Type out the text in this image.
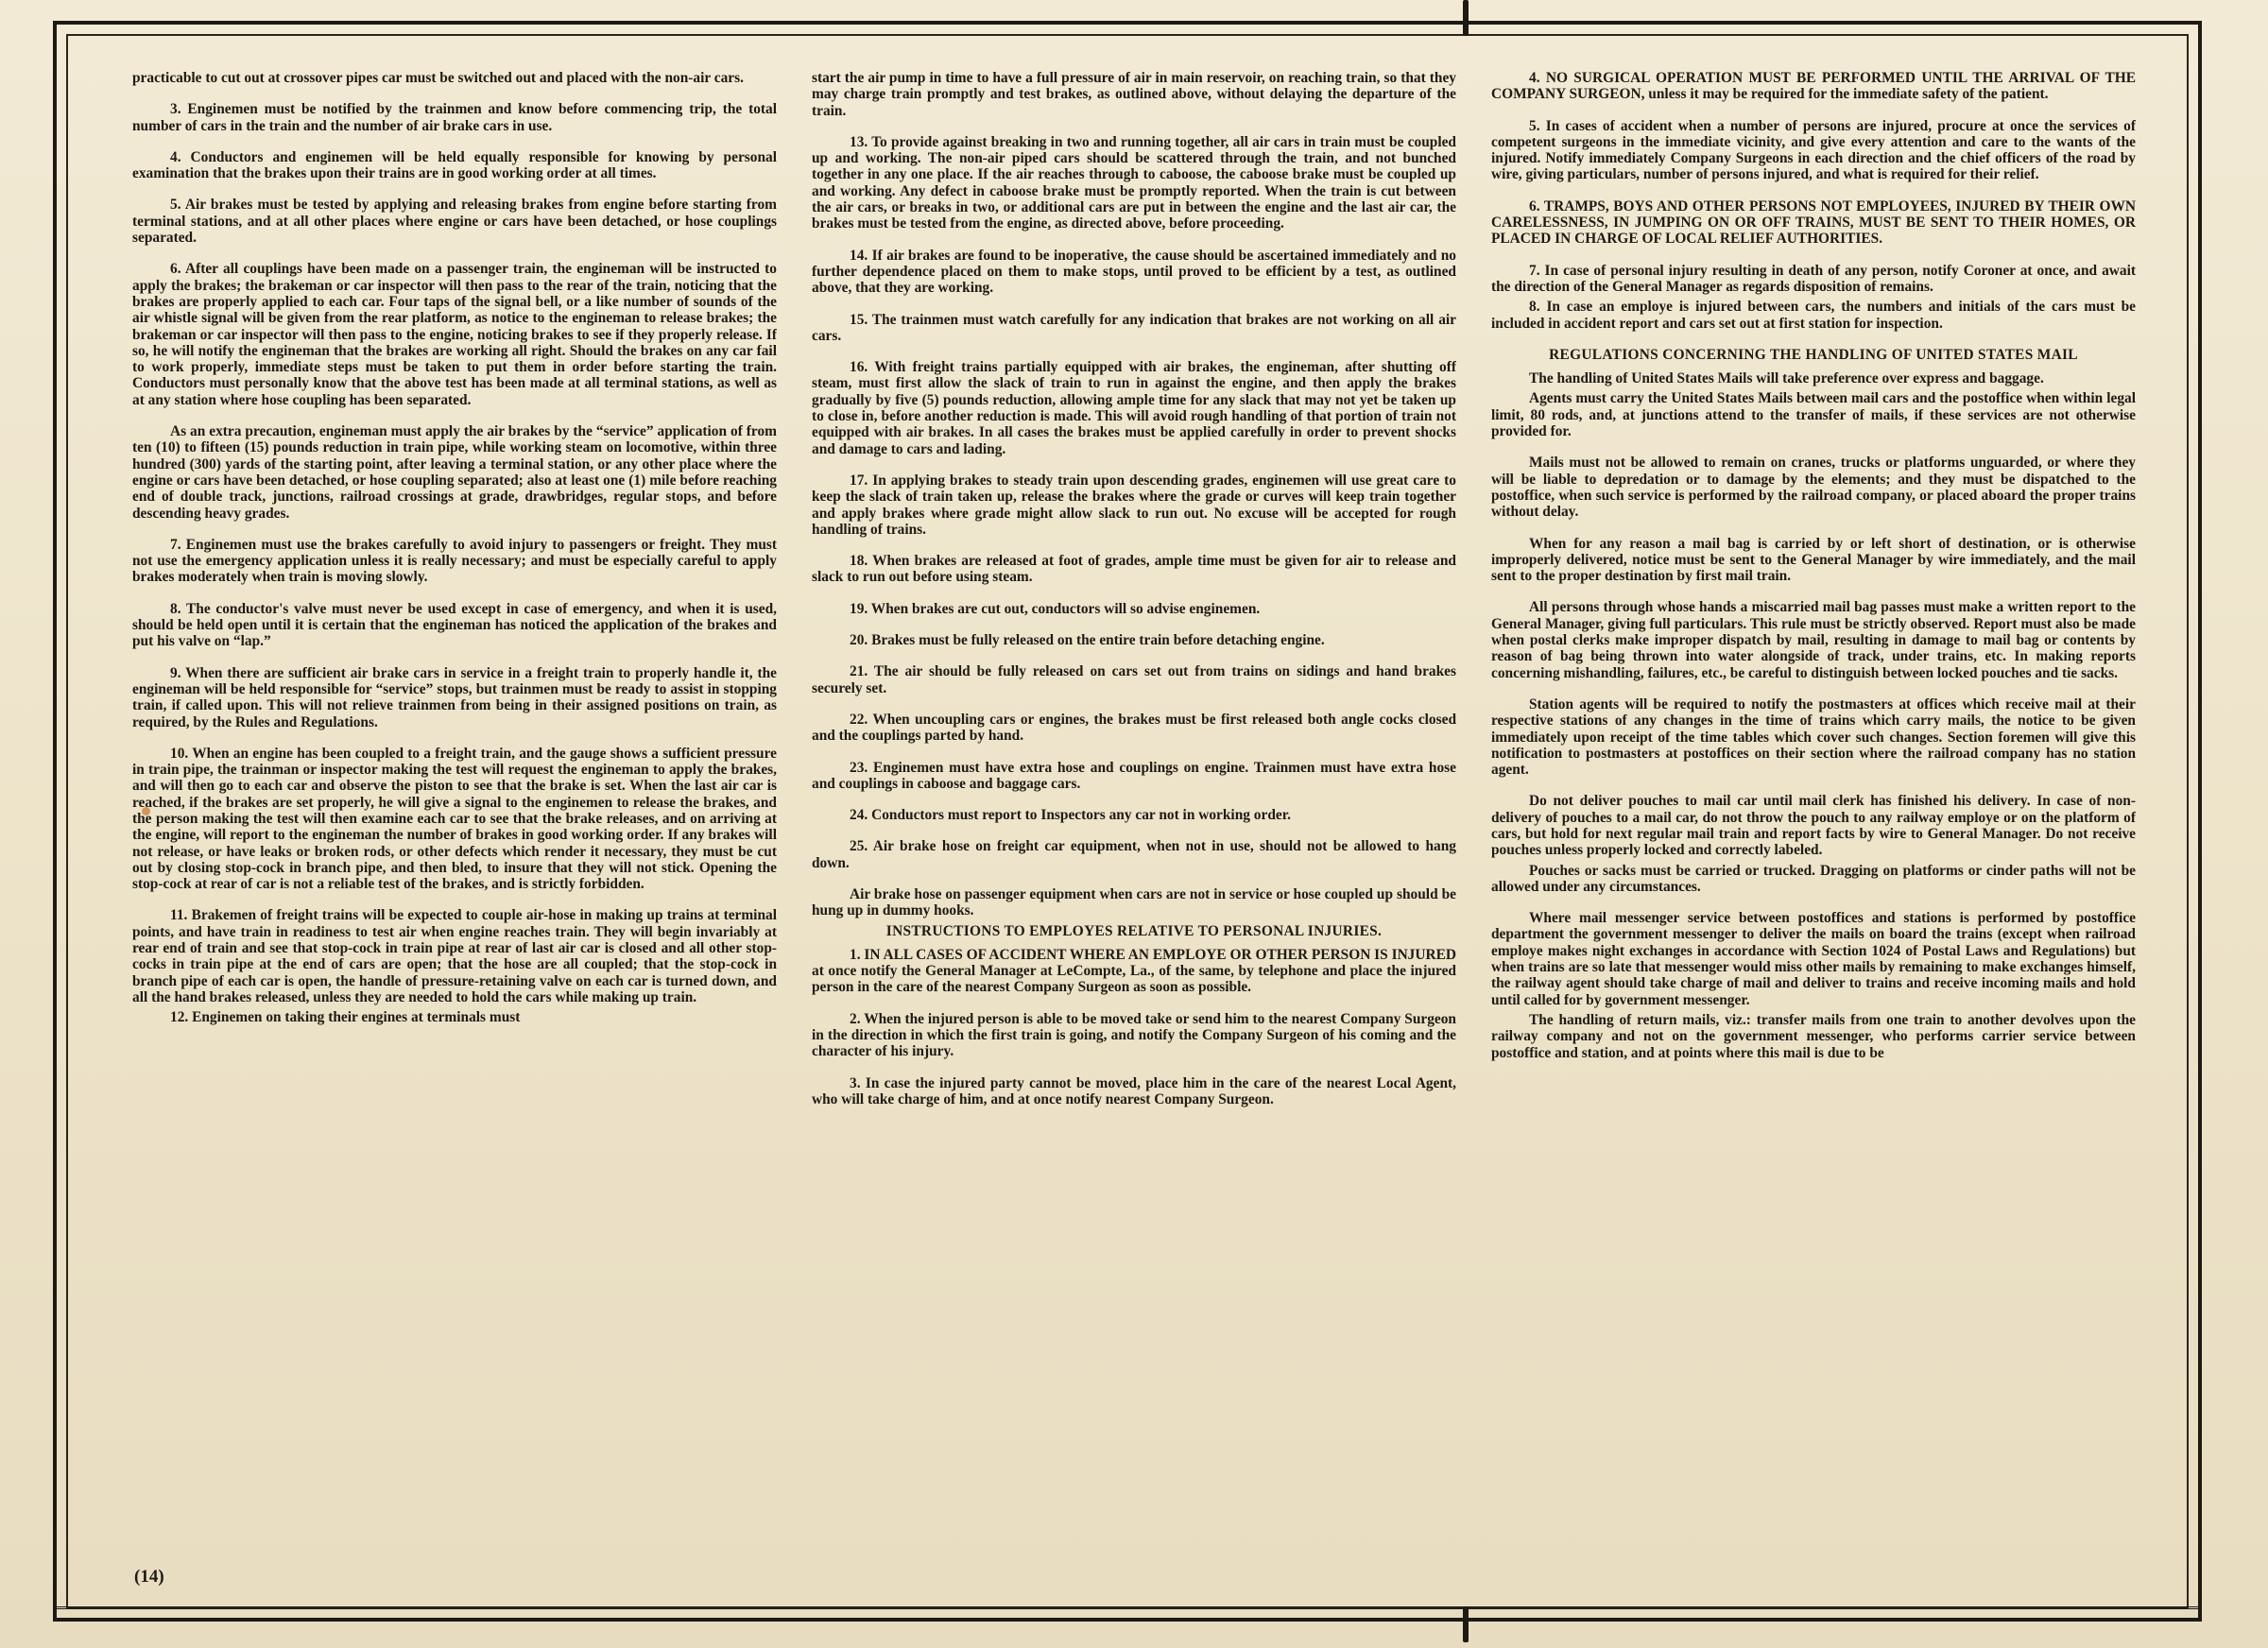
practicable to cut out at crossover pipes car must be switched out and placed with the non-air cars.

3. Enginemen must be notified by the trainmen and know before commencing trip, the total number of cars in the train and the number of air brake cars in use.

4. Conductors and enginemen will be held equally responsible for knowing by personal examination that the brakes upon their trains are in good working order at all times.

5. Air brakes must be tested by applying and releasing brakes from engine before starting from terminal stations, and at all other places where engine or cars have been detached, or hose couplings separated.

6. After all couplings have been made on a passenger train, the engineman will be instructed to apply the brakes; the brakeman or car inspector will then pass to the rear of the train, noticing that the brakes are properly applied to each car. Four taps of the signal bell, or a like number of sounds of the air whistle signal will be given from the rear platform, as notice to the engineman to release brakes; the brakeman or car inspector will then pass to the engine, noticing brakes to see if they properly release. If so, he will notify the engineman that the brakes are working all right. Should the brakes on any car fail to work properly, immediate steps must be taken to put them in order before starting the train. Conductors must personally know that the above test has been made at all terminal stations, as well as at any station where hose coupling has been separated.

As an extra precaution, engineman must apply the air brakes by the “service” application of from ten (10) to fifteen (15) pounds reduction in train pipe, while working steam on locomotive, within three hundred (300) yards of the starting point, after leaving a terminal station, or any other place where the engine or cars have been detached, or hose coupling separated; also at least one (1) mile before reaching end of double track, junctions, railroad crossings at grade, drawbridges, regular stops, and before descending heavy grades.

7. Enginemen must use the brakes carefully to avoid injury to passengers or freight. They must not use the emergency application unless it is really necessary; and must be especially careful to apply brakes moderately when train is moving slowly.

8. The conductor's valve must never be used except in case of emergency, and when it is used, should be held open until it is certain that the engineman has noticed the application of the brakes and put his valve on “lap.”

9. When there are sufficient air brake cars in service in a freight train to properly handle it, the engineman will be held responsible for “service” stops, but trainmen must be ready to assist in stopping train, if called upon. This will not relieve trainmen from being in their assigned positions on train, as required, by the Rules and Regulations.

10. When an engine has been coupled to a freight train, and the gauge shows a sufficient pressure in train pipe, the trainman or inspector making the test will request the engineman to apply the brakes, and will then go to each car and observe the piston to see that the brake is set. When the last air car is reached, if the brakes are set properly, he will give a signal to the enginemen to release the brakes, and the person making the test will then examine each car to see that the brake releases, and on arriving at the engine, will report to the engineman the number of brakes in good working order. If any brakes will not release, or have leaks or broken rods, or other defects which render it necessary, they must be cut out by closing stop-cock in branch pipe, and then bled, to insure that they will not stick. Opening the stop-cock at rear of car is not a reliable test of the brakes, and is strictly forbidden.

11. Brakemen of freight trains will be expected to couple air-hose in making up trains at terminal points, and have train in readiness to test air when engine reaches train. They will begin invariably at rear end of train and see that stop-cock in train pipe at rear of last air car is closed and all other stop-cocks in train pipe at the end of cars are open; that the hose are all coupled; that the stop-cock in branch pipe of each car is open, the handle of pressure-retaining valve on each car is turned down, and all the hand brakes released, unless they are needed to hold the cars while making up train.

12. Enginemen on taking their engines at terminals must

start the air pump in time to have a full pressure of air in main reservoir, on reaching train, so that they may charge train promptly and test brakes, as outlined above, without delaying the departure of the train.

13. To provide against breaking in two and running together, all air cars in train must be coupled up and working. The non-air piped cars should be scattered through the train, and not bunched together in any one place. If the air reaches through to caboose, the caboose brake must be coupled up and working. Any defect in caboose brake must be promptly reported. When the train is cut between the air cars, or breaks in two, or additional cars are put in between the engine and the last air car, the brakes must be tested from the engine, as directed above, before proceeding.

14. If air brakes are found to be inoperative, the cause should be ascertained immediately and no further dependence placed on them to make stops, until proved to be efficient by a test, as outlined above, that they are working.

15. The trainmen must watch carefully for any indication that brakes are not working on all air cars.

16. With freight trains partially equipped with air brakes, the engineman, after shutting off steam, must first allow the slack of train to run in against the engine, and then apply the brakes gradually by five (5) pounds reduction, allowing ample time for any slack that may not yet be taken up to close in, before another reduction is made. This will avoid rough handling of that portion of train not equipped with air brakes. In all cases the brakes must be applied carefully in order to prevent shocks and damage to cars and lading.

17. In applying brakes to steady train upon descending grades, enginemen will use great care to keep the slack of train taken up, release the brakes where the grade or curves will keep train together and apply brakes where grade might allow slack to run out. No excuse will be accepted for rough handling of trains.

18. When brakes are released at foot of grades, ample time must be given for air to release and slack to run out before using steam.

19. When brakes are cut out, conductors will so advise enginemen.

20. Brakes must be fully released on the entire train before detaching engine.

21. The air should be fully released on cars set out from trains on sidings and hand brakes securely set.

22. When uncoupling cars or engines, the brakes must be first released both angle cocks closed and the couplings parted by hand.

23. Enginemen must have extra hose and couplings on engine. Trainmen must have extra hose and couplings in caboose and baggage cars.

24. Conductors must report to Inspectors any car not in working order.

25. Air brake hose on freight car equipment, when not in use, should not be allowed to hang down.

Air brake hose on passenger equipment when cars are not in service or hose coupled up should be hung up in dummy hooks.

INSTRUCTIONS TO EMPLOYES RELATIVE TO PERSONAL INJURIES.

1. IN ALL CASES OF ACCIDENT WHERE AN EMPLOYE OR OTHER PERSON IS INJURED at once notify the General Manager at LeCompte, La., of the same, by telephone and place the injured person in the care of the nearest Company Surgeon as soon as possible.

2. When the injured person is able to be moved take or send him to the nearest Company Surgeon in the direction in which the first train is going, and notify the Company Surgeon of his coming and the character of his injury.

3. In case the injured party cannot be moved, place him in the care of the nearest Local Agent, who will take charge of him, and at once notify nearest Company Surgeon.

4. NO SURGICAL OPERATION MUST BE PERFORMED UNTIL THE ARRIVAL OF THE COMPANY SURGEON, unless it may be required for the immediate safety of the patient.

5. In cases of accident when a number of persons are injured, procure at once the services of competent surgeons in the immediate vicinity, and give every attention and care to the wants of the injured. Notify immediately Company Surgeons in each direction and the chief officers of the road by wire, giving particulars, number of persons injured, and what is required for their relief.

6. TRAMPS, BOYS AND OTHER PERSONS NOT EMPLOYEES, INJURED BY THEIR OWN CARELESSNESS, IN JUMPING ON OR OFF TRAINS, MUST BE SENT TO THEIR HOMES, OR PLACED IN CHARGE OF LOCAL RELIEF AUTHORITIES.

7. In case of personal injury resulting in death of any person, notify Coroner at once, and await the direction of the General Manager as regards disposition of remains.

8. In case an employe is injured between cars, the numbers and initials of the cars must be included in accident report and cars set out at first station for inspection.

REGULATIONS CONCERNING THE HANDLING OF UNITED STATES MAIL

The handling of United States Mails will take preference over express and baggage.

Agents must carry the United States Mails between mail cars and the postoffice when within legal limit, 80 rods, and, at junctions attend to the transfer of mails, if these services are not otherwise provided for.

Mails must not be allowed to remain on cranes, trucks or platforms unguarded, or where they will be liable to depredation or to damage by the elements; and they must be dispatched to the postoffice, when such service is performed by the railroad company, or placed aboard the proper trains without delay.

When for any reason a mail bag is carried by or left short of destination, or is otherwise improperly delivered, notice must be sent to the General Manager by wire immediately, and the mail sent to the proper destination by first mail train.

All persons through whose hands a miscarried mail bag passes must make a written report to the General Manager, giving full particulars. This rule must be strictly observed. Report must also be made when postal clerks make improper dispatch by mail, resulting in damage to mail bag or contents by reason of bag being thrown into water alongside of track, under trains, etc. In making reports concerning mishandling, failures, etc., be careful to distinguish between locked pouches and tie sacks.

Station agents will be required to notify the postmasters at offices which receive mail at their respective stations of any changes in the time of trains which carry mails, the notice to be given immediately upon receipt of the time tables which cover such changes. Section foremen will give this notification to postmasters at postoffices on their section where the railroad company has no station agent.

Do not deliver pouches to mail car until mail clerk has finished his delivery. In case of non-delivery of pouches to a mail car, do not throw the pouch to any railway employe or on the platform of cars, but hold for next regular mail train and report facts by wire to General Manager. Do not receive pouches unless properly locked and correctly labeled.

Pouches or sacks must be carried or trucked. Dragging on platforms or cinder paths will not be allowed under any circumstances.

Where mail messenger service between postoffices and stations is performed by postoffice department the government messenger to deliver the mails on board the trains (except when railroad employe makes night exchanges in accordance with Section 1024 of Postal Laws and Regulations) but when trains are so late that messenger would miss other mails by remaining to make exchanges himself, the railway agent should take charge of mail and deliver to trains and receive incoming mails and hold until called for by government messenger.

The handling of return mails, viz.: transfer mails from one train to another devolves upon the railway company and not on the government messenger, who performs carrier service between postoffice and station, and at points where this mail is due to be

(14)
